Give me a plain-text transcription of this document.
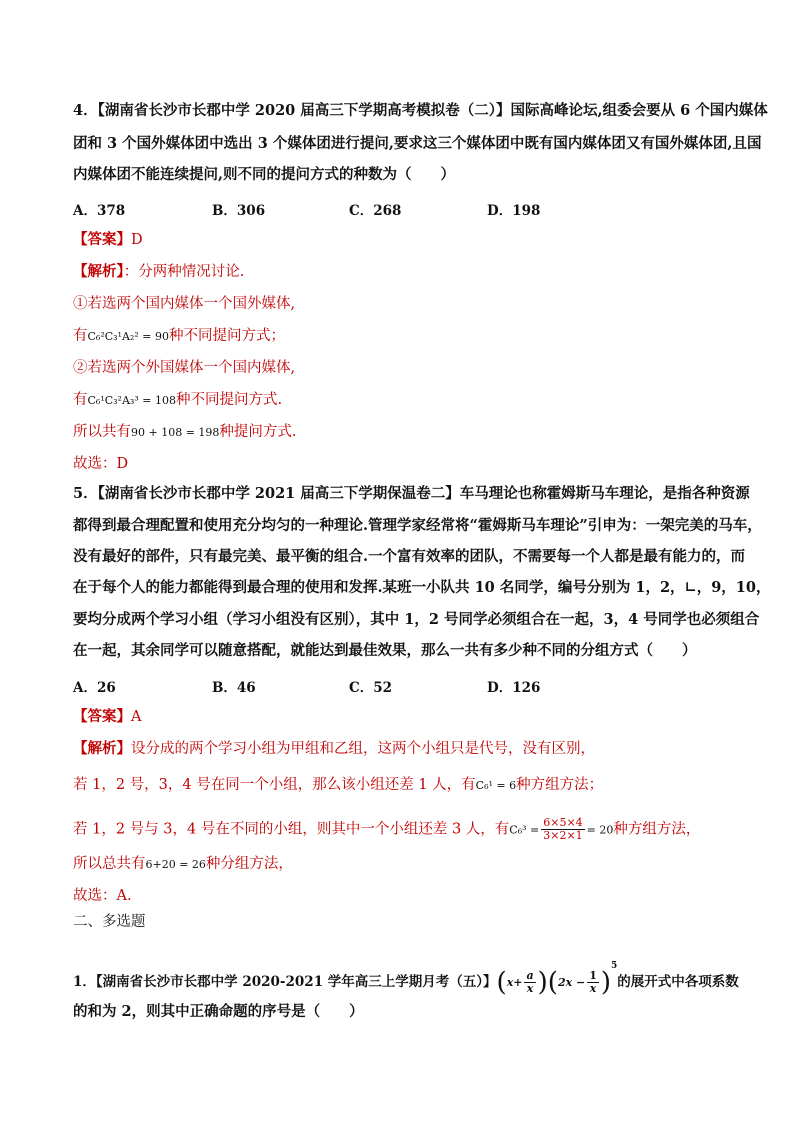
4．【湖南省长沙市长郡中学 2020 届高三下学期高考模拟卷（二）】国际高峰论坛,组委会要从 6 个国内媒体
团和 3 个国外媒体团中选出 3 个媒体团进行提问,要求这三个媒体团中既有国内媒体团又有国外媒体团,且国
内媒体团不能连续提问,则不同的提问方式的种数为（　　）
A．378	B．306	C．268	D．198
【答案】D
【解析】：分两种情况讨论.
①若选两个国内媒体一个国外媒体,
有C₆²C₃¹A₂² = 90种不同提问方式；
②若选两个外国媒体一个国内媒体,
有C₆¹C₃²A₃³ = 108种不同提问方式.
所以共有90 + 108 = 198种提问方式.
故选：D
5．【湖南省长沙市长郡中学 2021 届高三下学期保温卷二】车马理论也称霍姆斯马车理论，是指各种资源
都得到最合理配置和使用充分均匀的一种理论.管理学家经常将“霍姆斯马车理论”引申为：一架完美的马车，
没有最好的部件，只有最完美、最平衡的组合.一个富有效率的团队，不需要每一个人都是最有能力的，而
在于每个人的能力都能得到最合理的使用和发挥.某班一小队共 10 名同学，编号分别为 1，2，∟，9，10，
要均分成两个学习小组（学习小组没有区别），其中 1，2 号同学必须组合在一起，3，4 号同学也必须组合
在一起，其余同学可以随意搭配，就能达到最佳效果，那么一共有多少种不同的分组方式（　　）
A．26	B．46	C．52	D．126
【答案】A
【解析】设分成的两个学习小组为甲组和乙组，这两个小组只是代号，没有区别，
若 1，2 号，3，4 号在同一个小组，那么该小组还差 1 人，有C₆¹ = 6种方组方法；
若 1，2 号与 3，4 号在不同的小组，则其中一个小组还差 3 人，有$C_6^3 = \frac{6\times 5\times 4}{3\times 2\times 1} = 20$种方组方法，
所以总共有6+20 = 26种分组方法，
故选：A.
二、多选题
1．【湖南省长沙市长郡中学 2020-2021 学年高三上学期月考（五）】$(x+ \frac{a}{x} )(2x - \frac{1}{x} )^5$的展开式中各项系数
的和为 2，则其中正确命题的序号是（　　）
